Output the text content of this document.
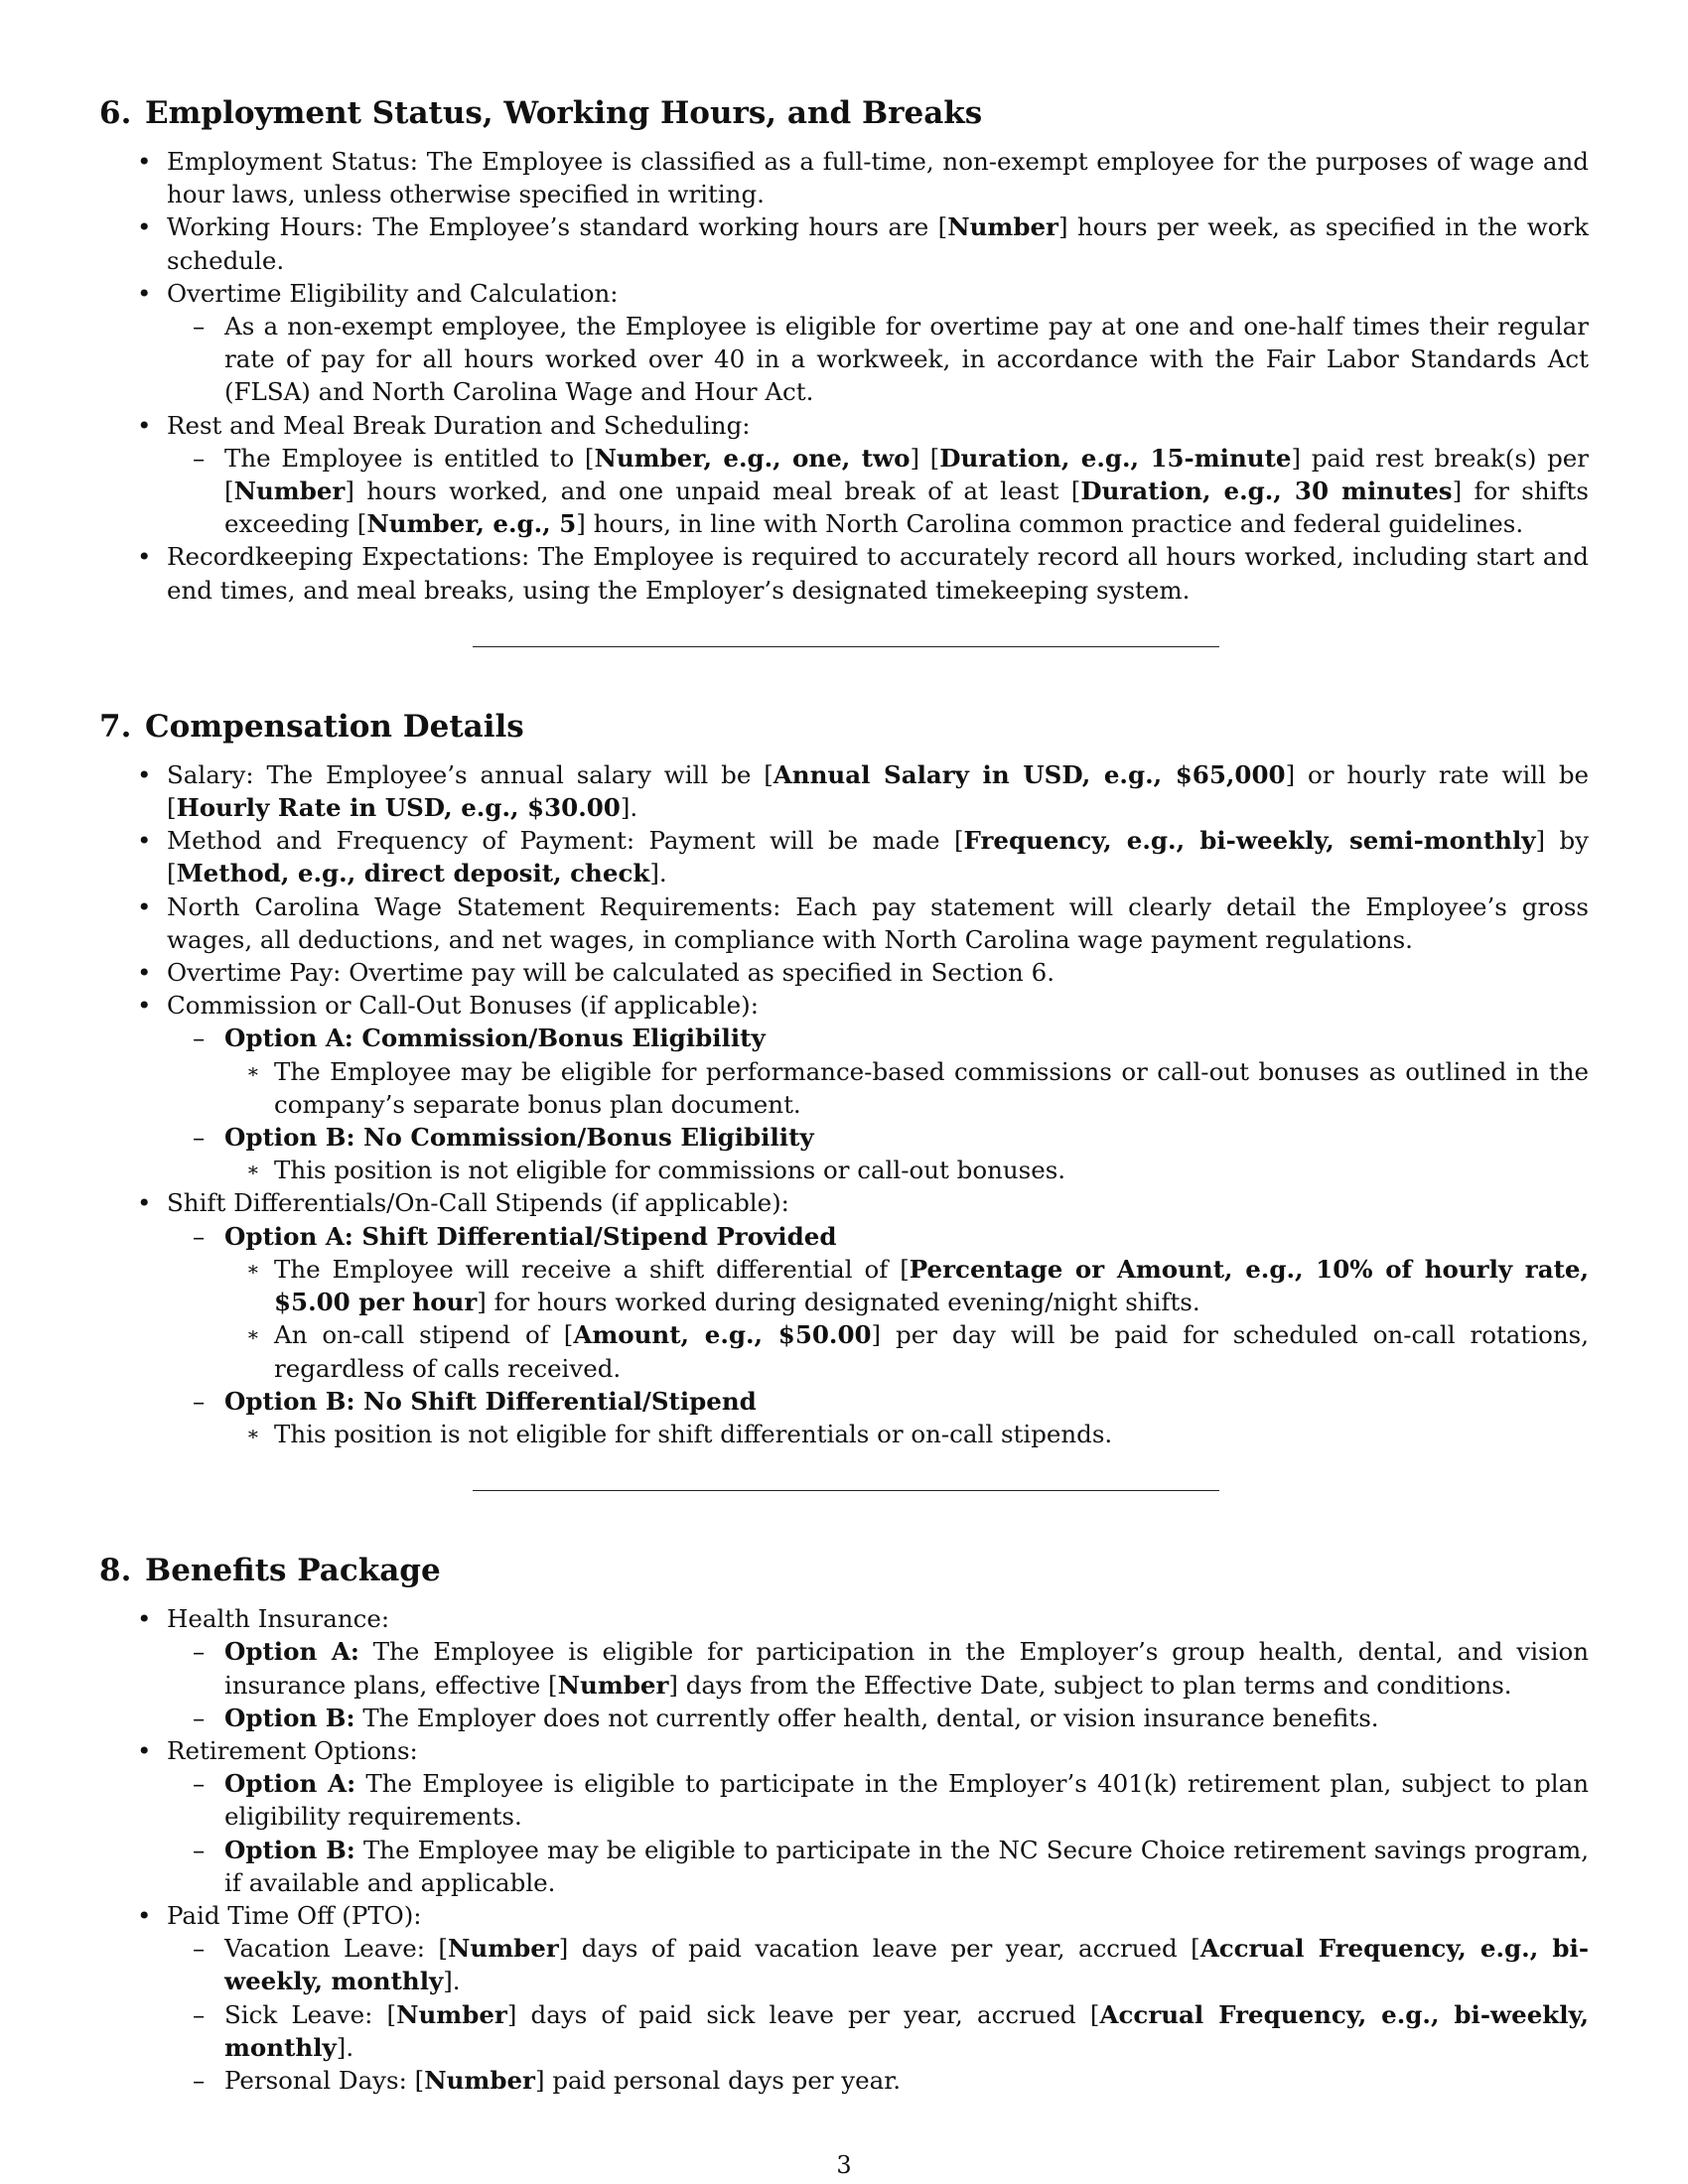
6. Employment Status, Working Hours, and Breaks
• Employment Status: The Employee is classified as a full-time, non-exempt employee for the purposes of wage and hour laws, unless otherwise specified in writing.
• Working Hours: The Employee’s standard working hours are [Number] hours per week, as specified in the work schedule.
• Overtime Eligibility and Calculation:
– As a non-exempt employee, the Employee is eligible for overtime pay at one and one-half times their regular rate of pay for all hours worked over 40 in a workweek, in accordance with the Fair Labor Standards Act (FLSA) and North Carolina Wage and Hour Act.
• Rest and Meal Break Duration and Scheduling:
– The Employee is entitled to [Number, e.g., one, two] [Duration, e.g., 15-minute] paid rest break(s) per [Number] hours worked, and one unpaid meal break of at least [Duration, e.g., 30 minutes] for shifts exceeding [Number, e.g., 5] hours, in line with North Carolina common practice and federal guidelines.
• Recordkeeping Expectations: The Employee is required to accurately record all hours worked, including start and end times, and meal breaks, using the Employer’s designated timekeeping system.
7. Compensation Details
• Salary: The Employee’s annual salary will be [Annual Salary in USD, e.g., $65,000] or hourly rate will be [Hourly Rate in USD, e.g., $30.00].
• Method and Frequency of Payment: Payment will be made [Frequency, e.g., bi-weekly, semi-monthly] by [Method, e.g., direct deposit, check].
• North Carolina Wage Statement Requirements: Each pay statement will clearly detail the Employee’s gross wages, all deductions, and net wages, in compliance with North Carolina wage payment regulations.
• Overtime Pay: Overtime pay will be calculated as specified in Section 6.
• Commission or Call-Out Bonuses (if applicable):
– Option A: Commission/Bonus Eligibility
∗ The Employee may be eligible for performance-based commissions or call-out bonuses as outlined in the company’s separate bonus plan document.
– Option B: No Commission/Bonus Eligibility
∗ This position is not eligible for commissions or call-out bonuses.
• Shift Differentials/On-Call Stipends (if applicable):
– Option A: Shift Differential/Stipend Provided
∗ The Employee will receive a shift differential of [Percentage or Amount, e.g., 10% of hourly rate, $5.00 per hour] for hours worked during designated evening/night shifts.
∗ An on-call stipend of [Amount, e.g., $50.00] per day will be paid for scheduled on-call rotations, regardless of calls received.
– Option B: No Shift Differential/Stipend
∗ This position is not eligible for shift differentials or on-call stipends.
8. Benefits Package
• Health Insurance:
– Option A: The Employee is eligible for participation in the Employer’s group health, dental, and vision insurance plans, effective [Number] days from the Effective Date, subject to plan terms and conditions.
– Option B: The Employer does not currently offer health, dental, or vision insurance benefits.
• Retirement Options:
– Option A: The Employee is eligible to participate in the Employer’s 401(k) retirement plan, subject to plan eligibility requirements.
– Option B: The Employee may be eligible to participate in the NC Secure Choice retirement savings program, if available and applicable.
• Paid Time Off (PTO):
– Vacation Leave: [Number] days of paid vacation leave per year, accrued [Accrual Frequency, e.g., bi-weekly, monthly].
– Sick Leave: [Number] days of paid sick leave per year, accrued [Accrual Frequency, e.g., bi-weekly, monthly].
– Personal Days: [Number] paid personal days per year.
3
